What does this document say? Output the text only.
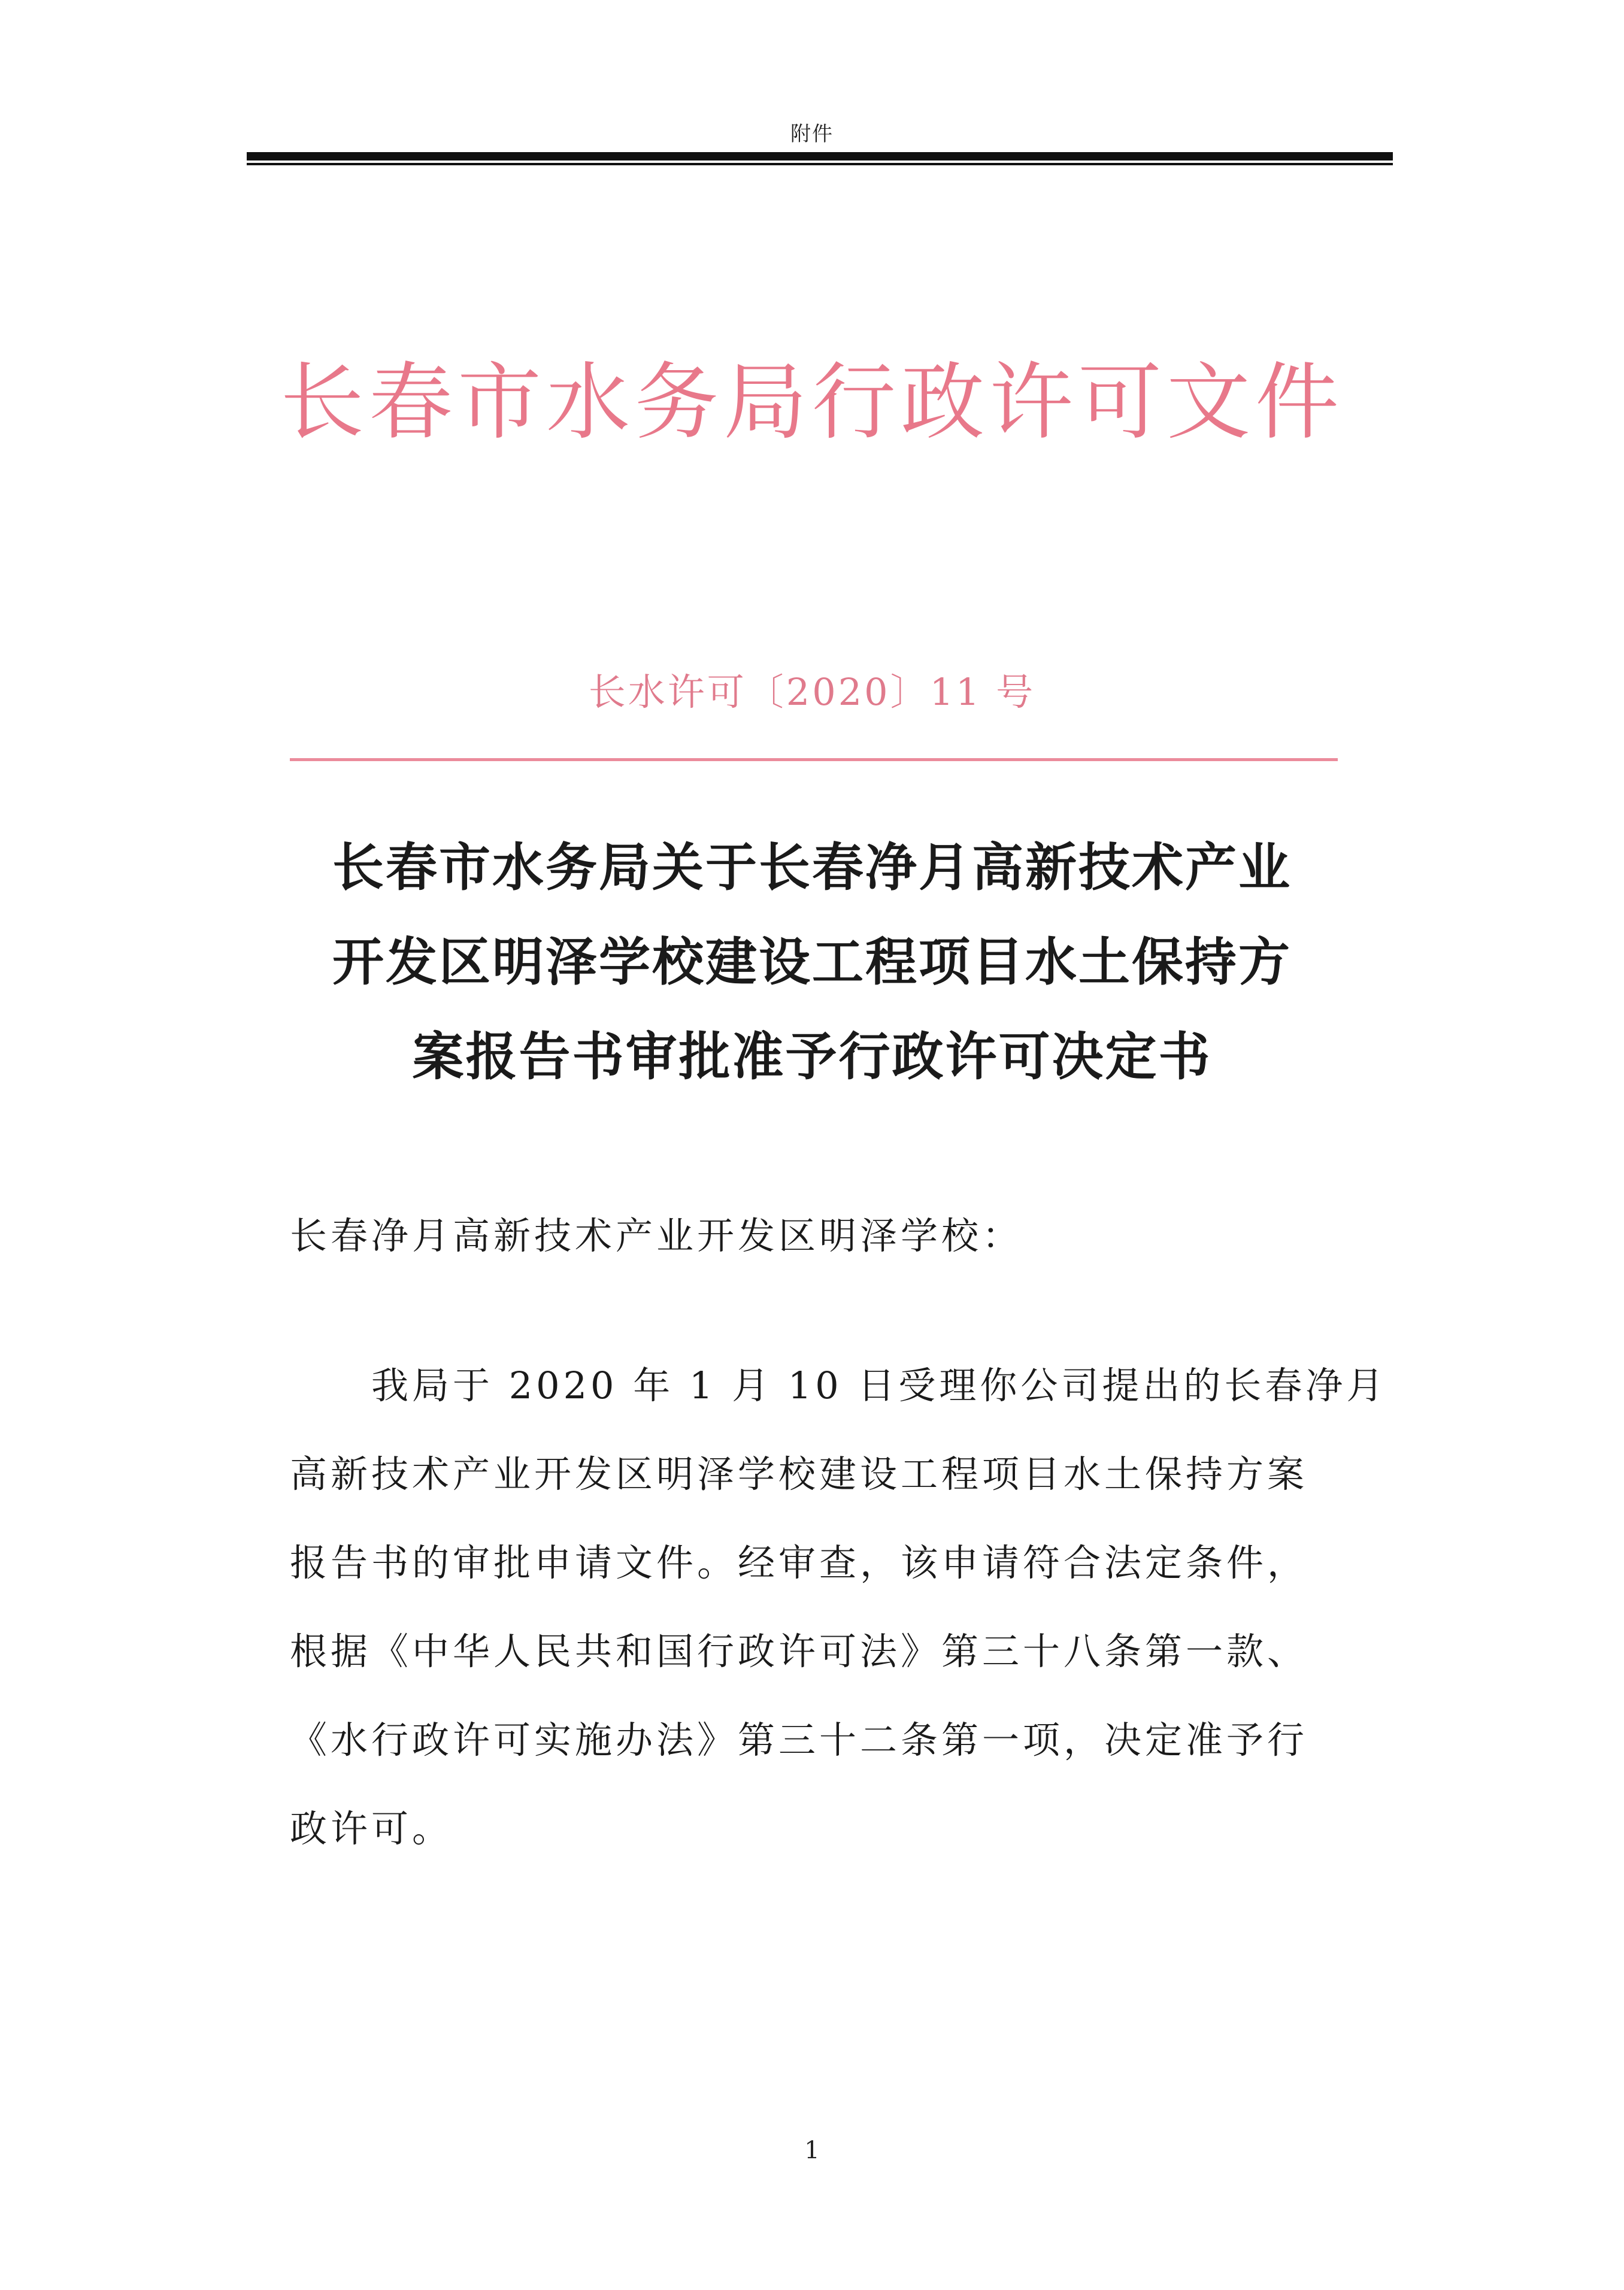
附件
长春市水务局行政许可文件
长水许可〔2020〕11 号
长春市水务局关于长春净月高新技术产业
开发区明泽学校建设工程项目水土保持方
案报告书审批准予行政许可决定书
长春净月高新技术产业开发区明泽学校：
我局于 2020 年 1 月 10 日受理你公司提出的长春净月
高新技术产业开发区明泽学校建设工程项目水土保持方案
报告书的审批申请文件。经审查，该申请符合法定条件，
根据《中华人民共和国行政许可法》第三十八条第一款、
《水行政许可实施办法》第三十二条第一项，决定准予行
政许可。
1
